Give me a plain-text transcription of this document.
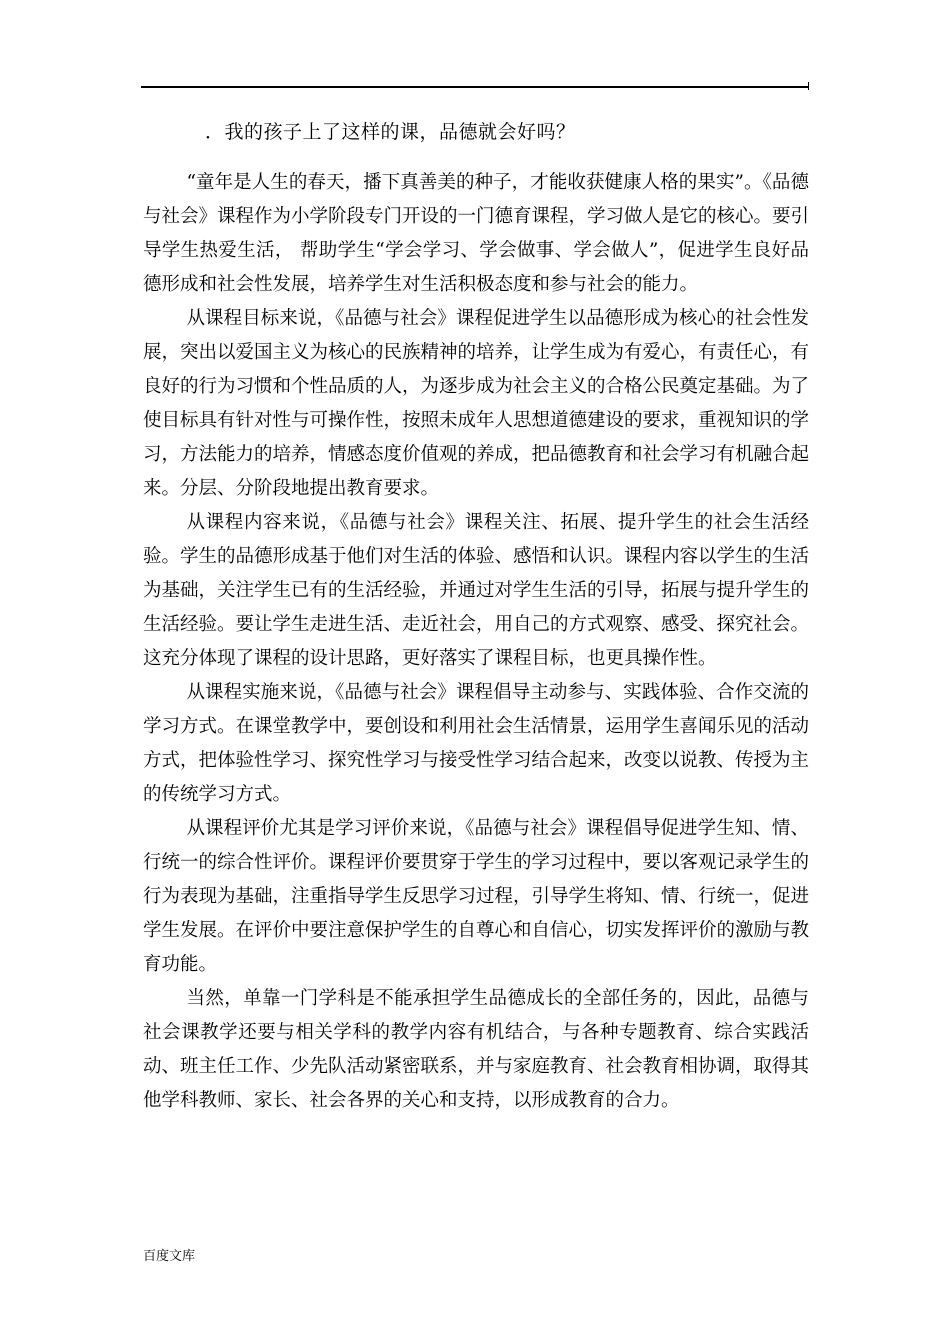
．我的孩子上了这样的课，品德就会好吗？

“童年是人生的春天，播下真善美的种子，才能收获健康人格的果实”。《品德与社会》课程作为小学阶段专门开设的一门德育课程，学习做人是它的核心。要引导学生热爱生活， 帮助学生“学会学习、学会做事、学会做人”，促进学生良好品德形成和社会性发展，培养学生对生活积极态度和参与社会的能力。

从课程目标来说，《品德与社会》课程促进学生以品德形成为核心的社会性发展，突出以爱国主义为核心的民族精神的培养，让学生成为有爱心，有责任心，有良好的行为习惯和个性品质的人，为逐步成为社会主义的合格公民奠定基础。为了使目标具有针对性与可操作性，按照未成年人思想道德建设的要求，重视知识的学习，方法能力的培养，情感态度价值观的养成，把品德教育和社会学习有机融合起来。分层、分阶段地提出教育要求。

从课程内容来说，《品德与社会》课程关注、拓展、提升学生的社会生活经验。学生的品德形成基于他们对生活的体验、感悟和认识。课程内容以学生的生活为基础，关注学生已有的生活经验，并通过对学生生活的引导，拓展与提升学生的生活经验。要让学生走进生活、走近社会，用自己的方式观察、感受、探究社会。这充分体现了课程的设计思路，更好落实了课程目标，也更具操作性。

从课程实施来说，《品德与社会》课程倡导主动参与、实践体验、合作交流的学习方式。在课堂教学中，要创设和利用社会生活情景，运用学生喜闻乐见的活动方式，把体验性学习、探究性学习与接受性学习结合起来，改变以说教、传授为主的传统学习方式。

从课程评价尤其是学习评价来说，《品德与社会》课程倡导促进学生知、情、行统一的综合性评价。课程评价要贯穿于学生的学习过程中，要以客观记录学生的行为表现为基础，注重指导学生反思学习过程，引导学生将知、情、行统一，促进学生发展。在评价中要注意保护学生的自尊心和自信心，切实发挥评价的激励与教育功能。

当然，单靠一门学科是不能承担学生品德成长的全部任务的，因此，品德与社会课教学还要与相关学科的教学内容有机结合，与各种专题教育、综合实践活动、班主任工作、少先队活动紧密联系，并与家庭教育、社会教育相协调，取得其他学科教师、家长、社会各界的关心和支持，以形成教育的合力。

百度文库
